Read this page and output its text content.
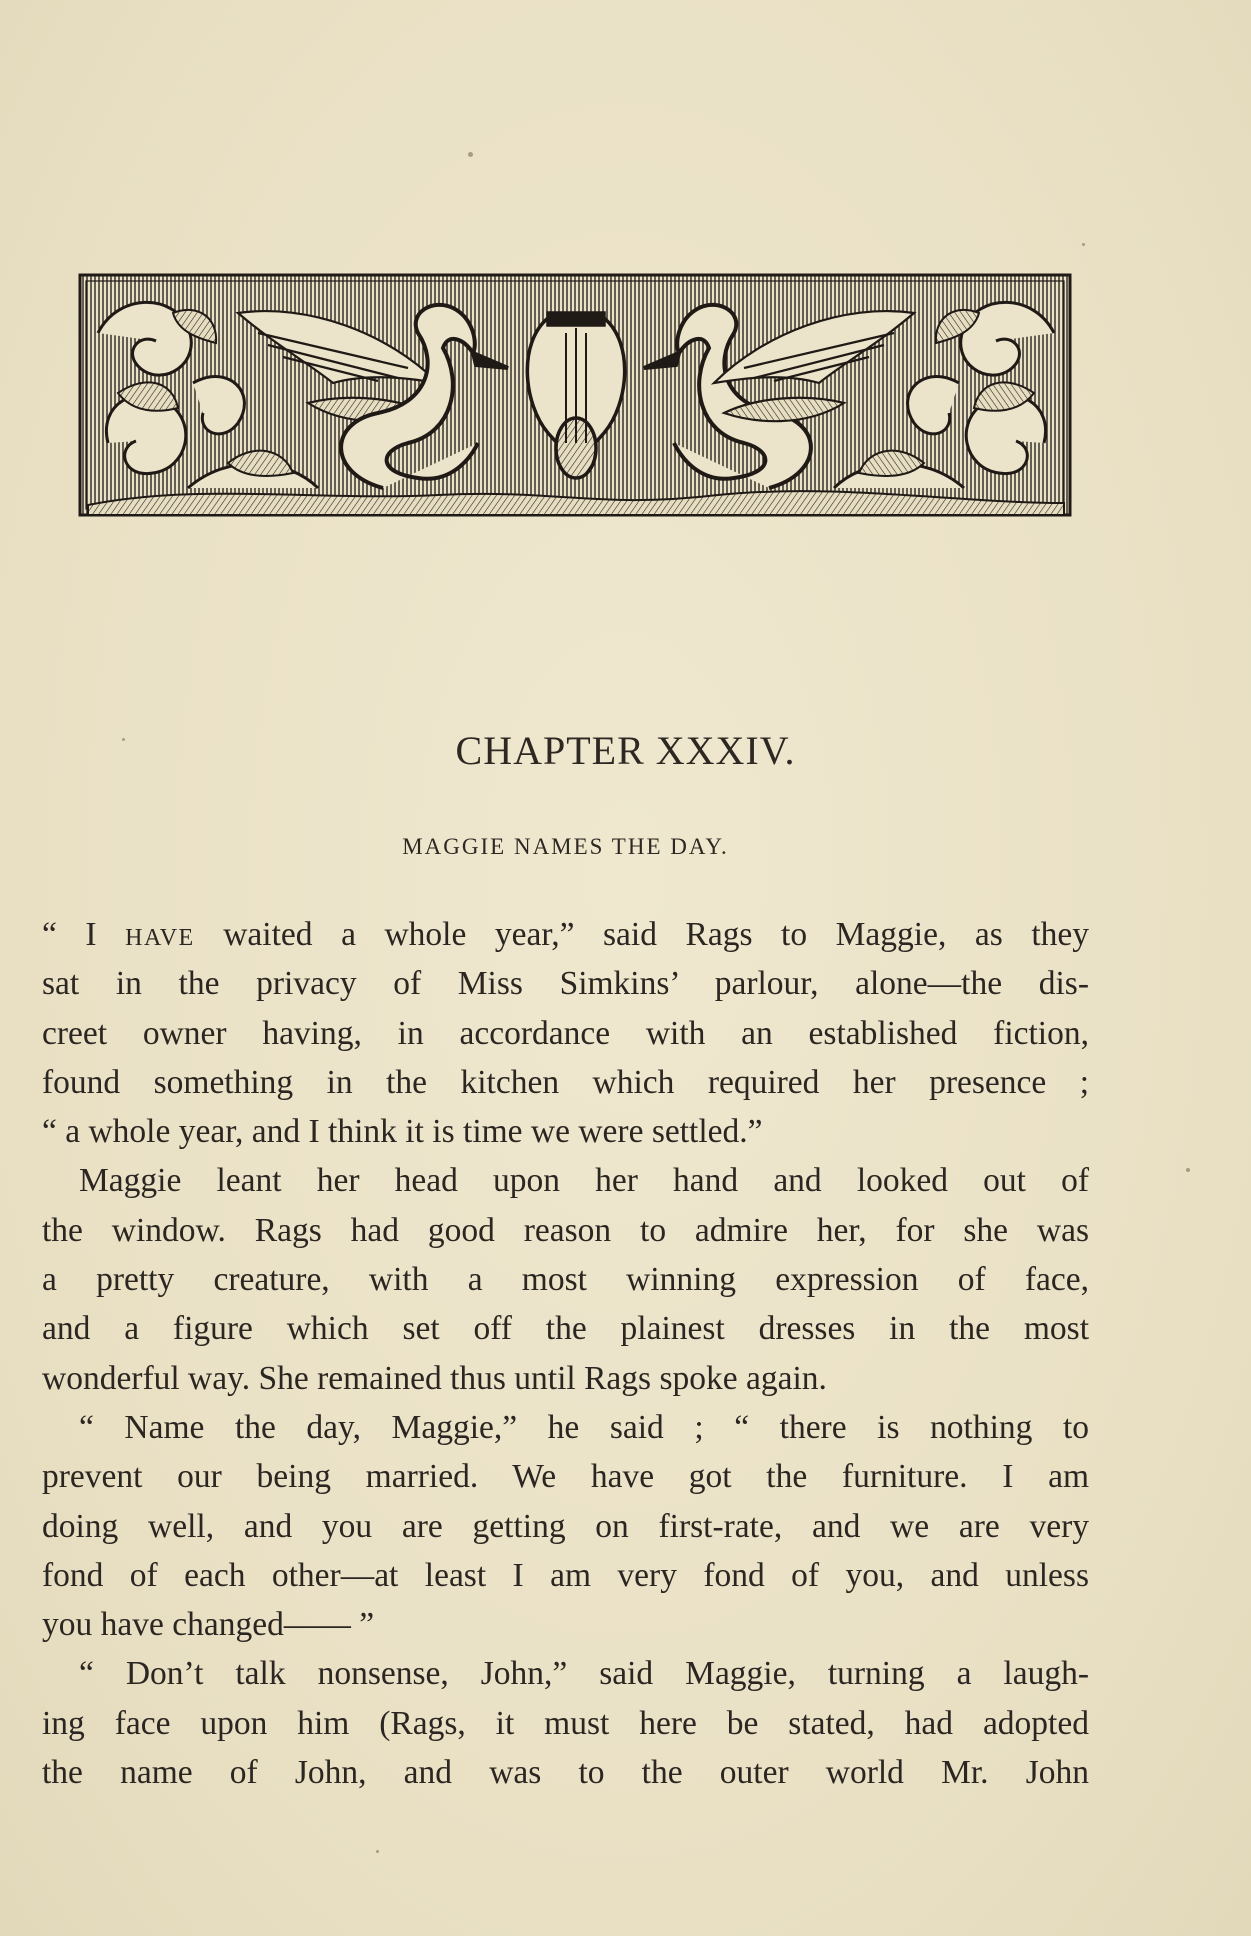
CHAPTER XXXIV.
MAGGIE NAMES THE DAY.
“ I HAVE waited a whole year,” said Rags to Maggie, as they
sat in the privacy of Miss Simkins’ parlour, alone—the dis-
creet owner having, in accordance with an established fiction,
found something in the kitchen which required her presence ;
“ a whole year, and I think it is time we were settled.”
Maggie leant her head upon her hand and looked out of
the window. Rags had good reason to admire her, for she was
a pretty creature, with a most winning expression of face,
and a figure which set off the plainest dresses in the most
wonderful way. She remained thus until Rags spoke again.
“ Name the day, Maggie,” he said ; “ there is nothing to
prevent our being married. We have got the furniture. I am
doing well, and you are getting on first-rate, and we are very
fond of each other—at least I am very fond of you, and unless
you have changed—— ”
“ Don’t talk nonsense, John,” said Maggie, turning a laugh-
ing face upon him (Rags, it must here be stated, had adopted
the name of John, and was to the outer world Mr. John
